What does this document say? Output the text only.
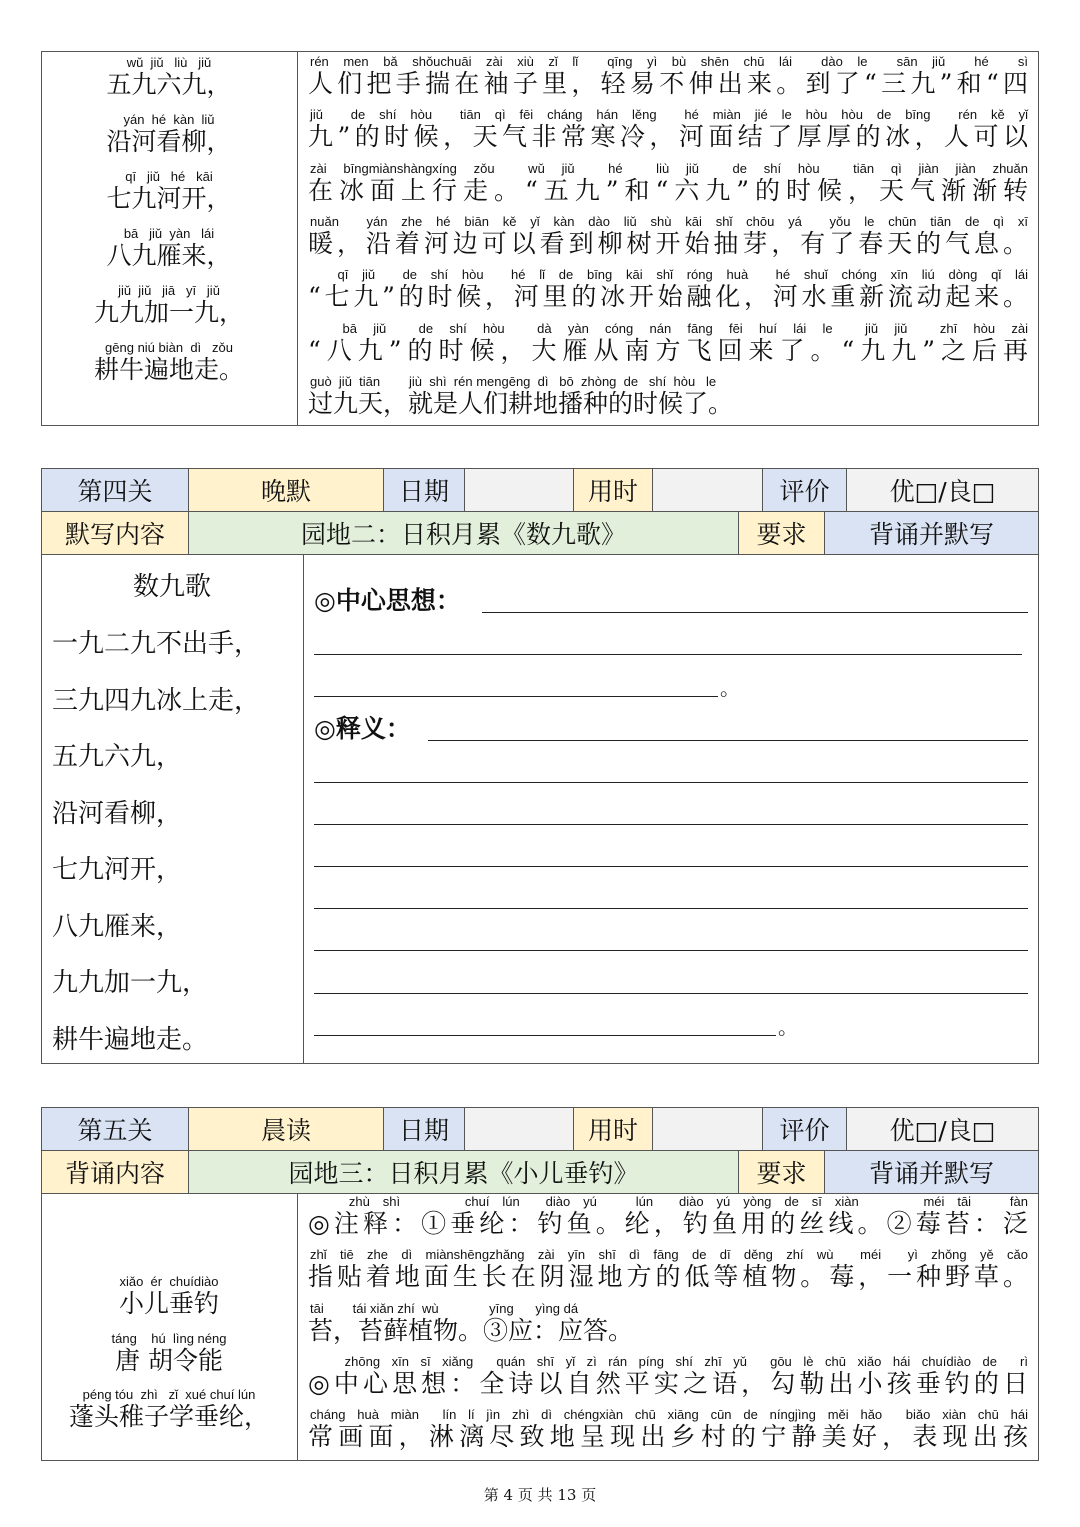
wǔ  jiǔ   liù   jiǔ
五九六九，
yán  hé  kàn  liǔ
沿河看柳，
qī   jiǔ   hé   kāi
七九河开，
bā   jiǔ  yàn   lái
八九雁来，
jiǔ  jiǔ   jiā   yī   jiǔ
九九加一九，
gēng niú biàn  dì   zǒu
耕牛遍地走。
rén men bǎ shǒuchuāi zài xiù zǐ lǐ  qīng yì bù shēn chū lái  dào le  sān jiǔ  hé  sì
人们把手揣在袖子里，轻易不伸出来。到了“三九”和“四
jiǔ  de shí hòu  tiān qì fēi cháng hán lěng  hé miàn jié le hòu hòu de bīng  rén kě yǐ
九”的时候，天气非常寒冷，河面结了厚厚的冰，人可以
zài bīngmiànshàngxíng zǒu  wǔ jiǔ  hé  liù jiǔ  de shí hòu  tiān qì jiàn jiàn zhuǎn
在冰面上行走。“五九”和“六九”的时候，天气渐渐转
nuǎn  yán zhe hé biān kě yǐ kàn dào liǔ shù kāi shǐ chōu yá  yǒu le chūn tiān de qì xī
暖，沿着河边可以看到柳树开始抽芽，有了春天的气息。
qī jiǔ  de shí hòu  hé lǐ de bīng kāi shǐ róng huà  hé shuǐ chóng xīn liú dòng qǐ lái
“七九”的时候，河里的冰开始融化，河水重新流动起来。
bā jiǔ  de shí hòu  dà yàn cóng nán fāng fēi huí lái le  jiǔ jiǔ  zhī hòu zài
“八九”的时候，大雁从南方飞回来了。“九九”之后再
guò  jiǔ  tiān        jiù  shì  rén mengēng  dì   bō  zhòng  de   shí  hòu   le
过九天，就是人们耕地播种的时候了。
第四关	晚默	日期	用时	评价	优□/良□
默写内容	园地二：日积月累《数九歌》	要求	背诵并默写
数九歌
一九二九不出手，
三九四九冰上走，
五九六九，
沿河看柳，
七九河开，
八九雁来，
九九加一九，
耕牛遍地走。
◎中心思想：
。
◎释义：
。
第五关	晨读	日期	用时	评价	优□/良□
背诵内容	园地三：日积月累《小儿垂钓》	要求	背诵并默写
xiǎo  ér  chuídiào
小儿垂钓
táng    hú  lìng néng
唐 胡令能
péng tóu  zhì   zǐ  xué chuí lún
蓬头稚子学垂纶，
zhù shì     chuí lún  diào yú   lún  diào yú yòng de sī xiàn     méi tāi   fàn
◎注释：①垂纶：钓鱼。纶，钓鱼用的丝线。②莓苔：泛
zhǐ tiē zhe dì miànshēngzhǎng zài yīn shī dì fāng de dī děng zhí wù  méi  yì zhǒng yě cǎo
指贴着地面生长在阴湿地方的低等植物。莓，一种野草。
tāi        tái xiǎn zhí  wù              yīng      yìng dá
苔，苔藓植物。③应：应答。
zhōng xīn sī xiǎng  quán shī yǐ zì rán píng shí zhī yǔ  gōu lè chū xiǎo hái chuídiào de  rì
◎中心思想：全诗以自然平实之语，勾勒出小孩垂钓的日
cháng huà miàn  lín lí jìn zhì dì chéngxiàn chū xiāng cūn de níngjìng měi hǎo  biǎo xiàn chū hái
常画面，淋漓尽致地呈现出乡村的宁静美好，表现出孩
第 4 页 共 13 页
